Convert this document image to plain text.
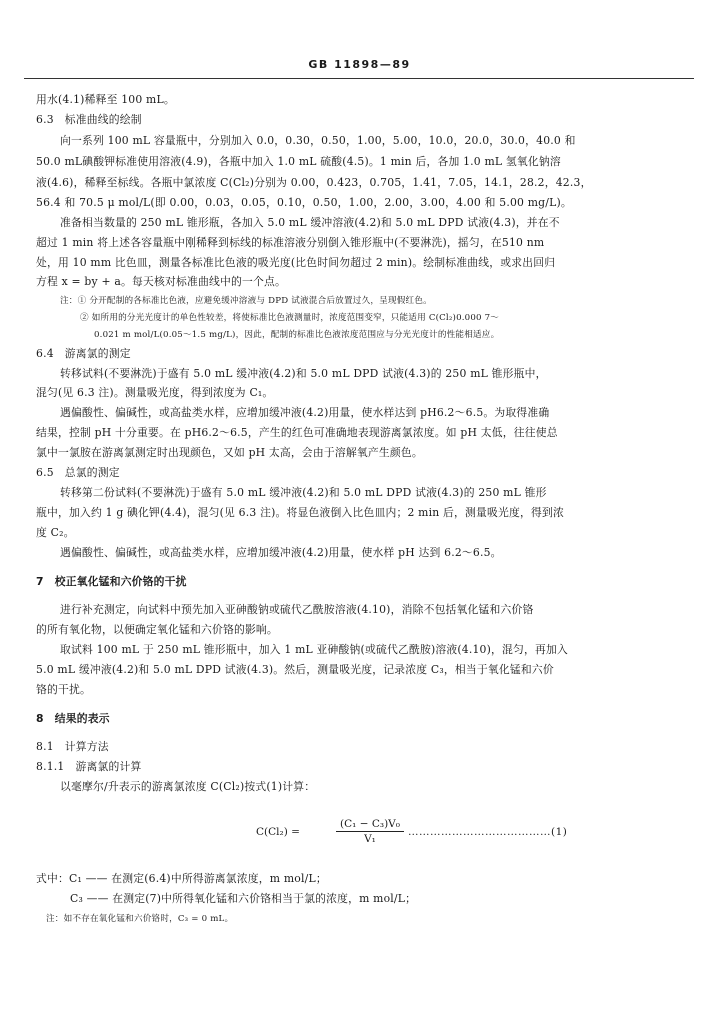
GB 11898—89
用水(4.1)稀释至 100 mL。
6.3　标准曲线的绘制
向一系列 100 mL 容量瓶中，分别加入 0.0，0.30，0.50，1.00，5.00，10.0，20.0，30.0，40.0 和
50.0 mL碘酸钾标准使用溶液(4.9)，各瓶中加入 1.0 mL 硫酸(4.5)。1 min 后，各加 1.0 mL 氢氧化钠溶
液(4.6)，稀释至标线。各瓶中氯浓度 C(Cl₂)分别为 0.00，0.423，0.705，1.41，7.05，14.1，28.2，42.3，
56.4 和 70.5 μ mol/L(即 0.00，0.03，0.05，0.10，0.50，1.00，2.00，3.00，4.00 和 5.00 mg/L)。
准备相当数量的 250 mL 锥形瓶，各加入 5.0 mL 缓冲溶液(4.2)和 5.0 mL DPD 试液(4.3)，并在不
超过 1 min 将上述各容量瓶中刚稀释到标线的标准溶液分别倒入锥形瓶中(不要淋洗)，摇匀，在510 nm
处，用 10 mm 比色皿，测量各标准比色液的吸光度(比色时间勿超过 2 min)。绘制标准曲线，或求出回归
方程 x = by + a。每天核对标准曲线中的一个点。
注：① 分开配制的各标准比色液，应避免缓冲溶液与 DPD 试液混合后放置过久，呈现假红色。
② 如所用的分光光度计的单色性较差，将使标准比色液测量时，浓度范围变窄，只能适用 C(Cl₂)0.000 7～
0.021 m mol/L(0.05～1.5 mg/L)，因此，配制的标准比色液浓度范围应与分光光度计的性能相适应。
6.4　游离氯的测定
转移试料(不要淋洗)于盛有 5.0 mL 缓冲液(4.2)和 5.0 mL DPD 试液(4.3)的 250 mL 锥形瓶中，
混匀(见 6.3 注)。测量吸光度，得到浓度为 C₁。
遇偏酸性、偏碱性，或高盐类水样，应增加缓冲液(4.2)用量，使水样达到 pH6.2～6.5。为取得准确
结果，控制 pH 十分重要。在 pH6.2～6.5，产生的红色可准确地表现游离氯浓度。如 pH 太低，往往使总
氯中一氯胺在游离氯测定时出现颜色，又如 pH 太高，会由于溶解氧产生颜色。
6.5　总氯的测定
转移第二份试料(不要淋洗)于盛有 5.0 mL 缓冲液(4.2)和 5.0 mL DPD 试液(4.3)的 250 mL 锥形
瓶中，加入约 1 g 碘化钾(4.4)，混匀(见 6.3 注)。将显色液倒入比色皿内；2 min 后，测量吸光度，得到浓
度 C₂。
遇偏酸性、偏碱性，或高盐类水样，应增加缓冲液(4.2)用量，使水样 pH 达到 6.2～6.5。
7　校正氧化锰和六价铬的干扰
进行补充测定，向试料中预先加入亚砷酸钠或硫代乙酰胺溶液(4.10)，消除不包括氧化锰和六价铬
的所有氧化物，以便确定氧化锰和六价铬的影响。
取试料 100 mL 于 250 mL 锥形瓶中，加入 1 mL 亚砷酸钠(或硫代乙酰胺)溶液(4.10)，混匀，再加入
5.0 mL 缓冲液(4.2)和 5.0 mL DPD 试液(4.3)。然后，测量吸光度，记录浓度 C₃，相当于氧化锰和六价
铬的干扰。
8　结果的表示
8.1　计算方法
8.1.1　游离氯的计算
以毫摩尔/升表示的游离氯浓度 C(Cl₂)按式(1)计算：
C(Cl₂) =	$\frac{\text{(C₁ − C₃)V₀}}{\text{V₁}}$ …………………………………(1)
式中：C₁ —— 在测定(6.4)中所得游离氯浓度，m mol/L；
C₃ —— 在测定(7)中所得氧化锰和六价铬相当于氯的浓度，m mol/L；
注：如不存在氧化锰和六价铬时，C₃ = 0 mL。
